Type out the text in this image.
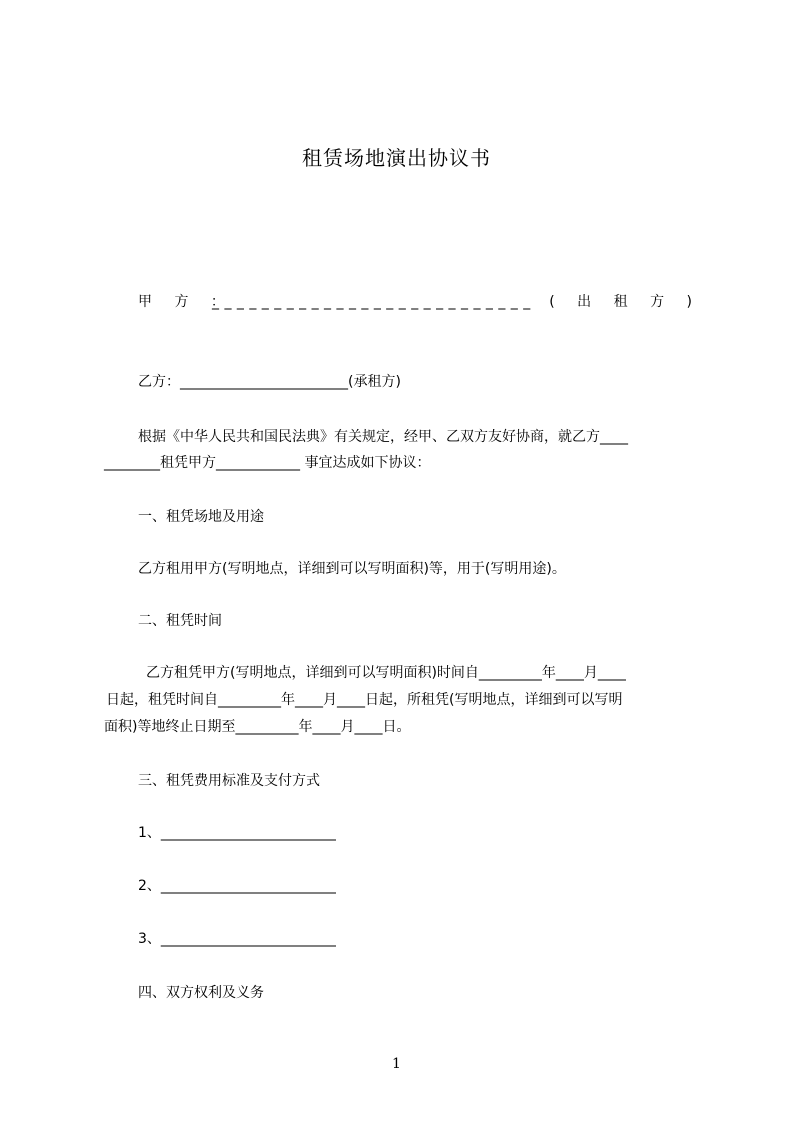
租赁场地演出协议书
甲 方 ：
_ _ _ _ _ _ _ _ _ _ _ _ _ _ _ _ _ _ _ _ _ _ _ _ _ _ ( 出 租 方 )
乙方：________________________(承租方)
根据《中华人民共和国民法典》有关规定，经甲、乙双方友好协商，就乙方____
________租凭甲方____________ 事宜达成如下协议：
一、租凭场地及用途
乙方租用甲方(写明地点，详细到可以写明面积)等，用于(写明用途)。
二、租凭时间
乙方租凭甲方(写明地点，详细到可以写明面积)时间自_________年____月____
日起，租凭时间自_________年____月____日起，所租凭(写明地点，详细到可以写明
面积)等地终止日期至_________年____月____日。
三、租凭费用标准及支付方式
1、_________________________
2、_________________________
3、_________________________
四、双方权利及义务
1
